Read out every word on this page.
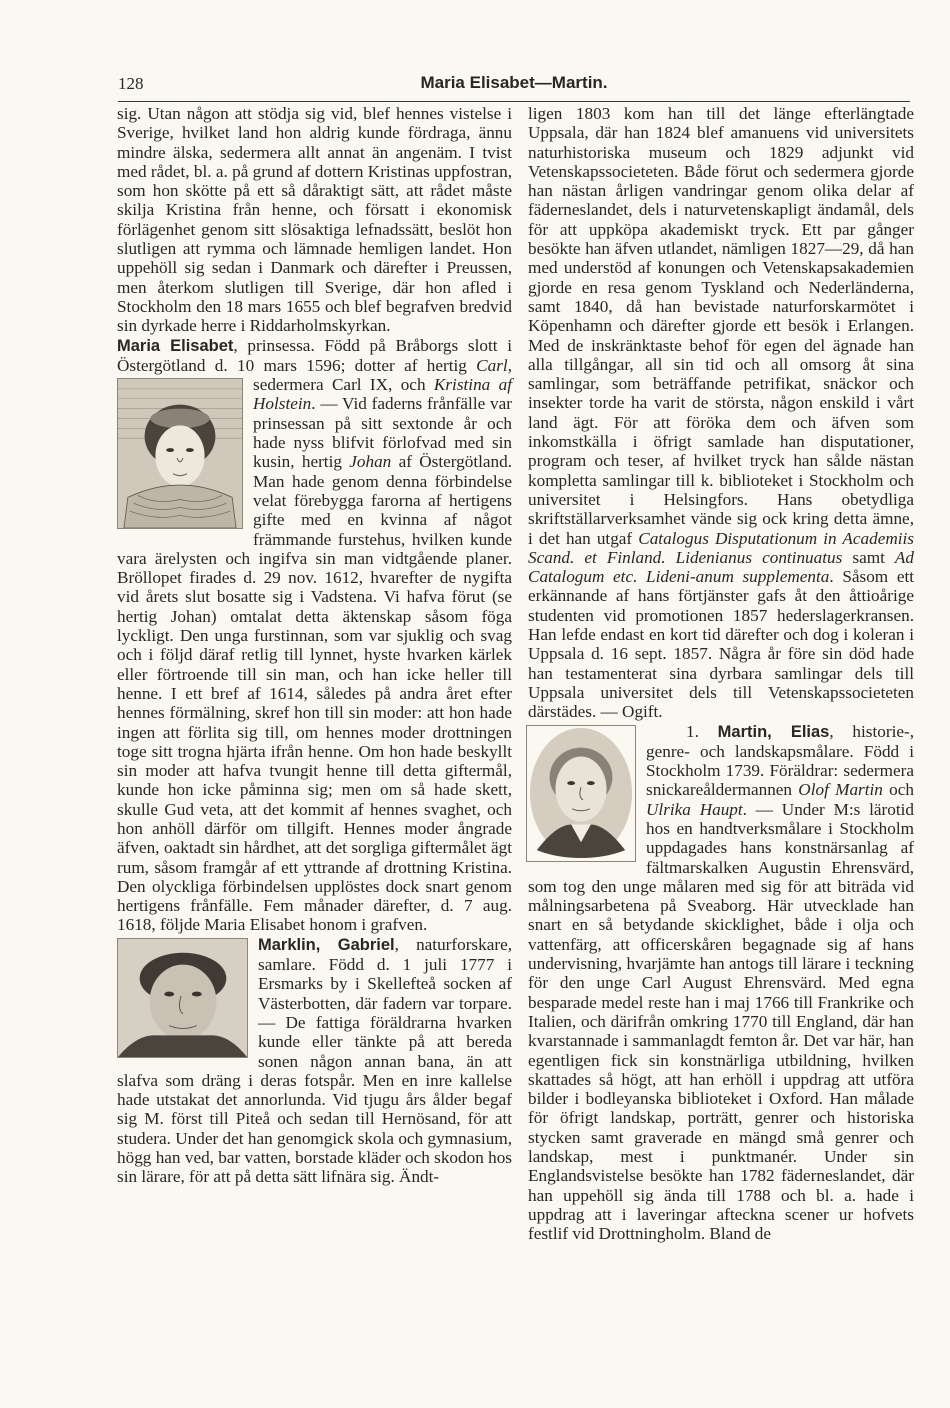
128	Maria Elisabet—Martin.

sig. Utan någon att stödja sig vid, blef hennes vistelse i Sverige, hvilket land hon aldrig kunde fördraga, ännu mindre älska, sedermera allt annat än angenäm. I tvist med rådet, bl. a. på grund af dottern Kristinas uppfostran, som hon skötte på ett så dåraktigt sätt, att rådet måste skilja Kristina från henne, och försatt i ekonomisk förlägenhet genom sitt slösaktiga lefnadssätt, beslöt hon slutligen att rymma och lämnade hemligen landet. Hon uppehöll sig sedan i Danmark och därefter i Preussen, men återkom slutligen till Sverige, där hon afled i Stockholm den 18 mars 1655 och blef begrafven bredvid sin dyrkade herre i Riddarholmskyrkan.

Maria Elisabet, prinsessa. Född på Bråborgs slott i Östergötland d. 10 mars 1596; dotter af hertig
Carl, sedermera Carl IX, och Kristina af Holstein. — Vid faderns frånfälle var prinsessan på sitt sextonde år och hade nyss blifvit förlofvad med sin kusin, hertig Johan af Östergötland. Man hade genom denna förbindelse velat förebygga farorna af hertigens gifte med en kvinna af något främmande furstehus, hvilken kunde vara ärelysten och ingifva sin man vidtgående planer. Bröllopet firades d. 29 nov. 1612, hvarefter de nygifta vid årets slut bosatte sig i Vadstena. Vi hafva förut (se hertig Johan) omtalat detta äktenskap såsom föga lyckligt. Den unga furstinnan, som var sjuklig och svag och i följd däraf retlig till lynnet, hyste hvarken kärlek eller förtroende till sin man, och han icke heller till henne. I ett bref af 1614, således på andra året efter hennes förmälning, skref hon till sin moder: att hon hade ingen att förlita sig till, om hennes moder drottningen toge sitt trogna hjärta ifrån henne. Om hon hade beskyllt sin moder att hafva tvungit henne till detta giftermål, kunde hon icke påminna sig; men om så hade skett, skulle Gud veta, att det kommit af hennes svaghet, och hon anhöll därför om tillgift. Hennes moder ångrade äfven, oaktadt sin hårdhet, att det sorgliga giftermålet ägt rum, såsom framgår af ett yttrande af drottning Kristina. Den olyckliga förbindelsen upplöstes dock snart genom hertigens frånfälle. Fem månader därefter, d. 7 aug. 1618, följde Maria Elisabet honom i grafven.

Marklin, Gabriel
, naturforskare, samlare. Född d. 1 juli 1777 i Ersmarks by i Skellefteå socken af Västerbotten, där fadern var torpare. — De fattiga föräldrarna hvarken kunde eller tänkte på att bereda sonen någon annan bana, än att slafva som dräng i deras fotspår. Men en inre kallelse hade utstakat det annorlunda. Vid tjugu års ålder begaf sig M. först till Piteå och sedan till Hernösand, för att studera. Under det han genomgick skola och gymnasium, högg han ved, bar vatten, borstade kläder och skodon hos sin lärare, för att på detta sätt lifnära sig. Ändt-

ligen 1803 kom han till det länge efterlängtade Uppsala, där han 1824 blef amanuens vid universitets naturhistoriska museum och 1829 adjunkt vid Vetenskapssocieteten. Både förut och sedermera gjorde han nästan årligen vandringar genom olika delar af fäderneslandet, dels i naturvetenskapligt ändamål, dels för att uppköpa akademiskt tryck. Ett par gånger besökte han äfven utlandet, nämligen 1827—29, då han med understöd af konungen och Vetenskapsakademien gjorde en resa genom Tyskland och Nederländerna, samt 1840, då han bevistade naturforskarmötet i Köpenhamn och därefter gjorde ett besök i Erlangen. Med de inskränktaste behof för egen del ägnade han alla tillgångar, all sin tid och all omsorg åt sina samlingar, som beträffande petrifikat, snäckor och insekter torde ha varit de största, någon enskild i vårt land ägt. För att föröka dem och äfven som inkomstkälla i öfrigt samlade han disputationer, program och teser, af hvilket tryck han sålde nästan kompletta samlingar till k. biblioteket i Stockholm och universitet i Helsingfors. Hans obetydliga skriftställarverksamhet vände sig ock kring detta ämne, i det han utgaf Catalogus Disputationum in Academiis Scand. et Finland. Lidenianus continuatus samt Ad Catalogum etc. Lideni-anum supplementa. Såsom ett erkännande af hans förtjänster gafs åt den åttioårige studenten vid promotionen 1857 hederslagerkransen. Han lefde endast en kort tid därefter och dog i koleran i Uppsala d. 16 sept. 1857. Några år före sin död hade han testamenterat sina dyrbara samlingar dels till Uppsala universitet dels till Vetenskapssocieteten därstädes. — Ogift.

1. Martin, Elias
, historie-, genre- och landskapsmålare. Född i Stockholm 1739. Föräldrar: sedermera snickareåldermannen Olof Martin och Ulrika Haupt. — Under M:s lärotid hos en handtverksmålare i Stockholm uppdagades hans konstnärsanlag af fältmarskalken Augustin Ehrensvärd, som tog den unge målaren med sig för att biträda vid målningsarbetena på Sveaborg. Här utvecklade han snart en så betydande skicklighet, både i olja och vattenfärg, att officerskåren begagnade sig af hans undervisning, hvarjämte han antogs till lärare i teckning för den unge Carl August Ehrensvärd. Med egna besparade medel reste han i maj 1766 till Frankrike och Italien, och därifrån omkring 1770 till England, där han kvarstannade i sammanlagdt femton år. Det var här, han egentligen fick sin konstnärliga utbildning, hvilken skattades så högt, att han erhöll i uppdrag att utföra bilder i bodleyanska biblioteket i Oxford. Han målade för öfrigt landskap, porträtt, genrer och historiska stycken samt graverade en mängd små genrer och landskap, mest i punktmanér. Under sin Englandsvistelse besökte han 1782 fäderneslandet, där han uppehöll sig ända till 1788 och bl. a. hade i uppdrag att i laveringar afteckna scener ur hofvets festlif vid Drottningholm. Bland de
